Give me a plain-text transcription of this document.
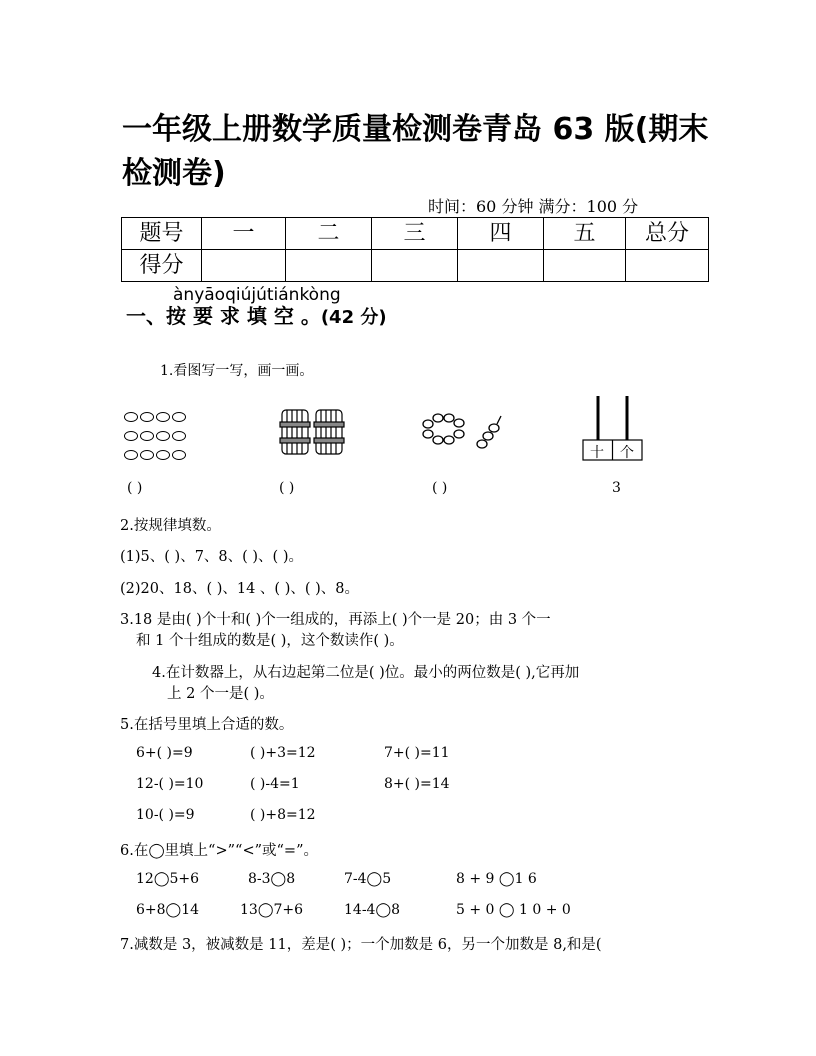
一年级上册数学质量检测卷青岛 63 版(期末检测卷)
时间：60 分钟 满分：100 分
题号	一	二	三	四	五	总分
得分						
ànyāoqiújútiánkòng
一、按 要 求 填 空 。(42 分)
1.看图写一写，画一画。

十 个
( )	( )	( )	3
2.按规律填数。
(1)5、( )、7、8、( )、( )。
(2)20、18、( )、14 、( )、( )、8。
3.18 是由( )个十和( )个一组成的，再添上( )个一是 20；由 3 个一
和 1 个十组成的数是( )，这个数读作( )。
4.在计数器上，从右边起第二位是( )位。最小的两位数是( ),它再加
上 2 个一是( )。
5.在括号里填上合适的数。
6+( )=9	( )+3=12	7+( )=11
12-( )=10	( )-4=1	8+( )=14
10-( )=9	( )+8=12
6.在◯里填上“>”“<”或“=”。
12◯5+6	8-3◯8	7-4◯5	8 + 9 ◯1 6
6+8◯14	13◯7+6	14-4◯8	5 + 0 ◯ 1 0 + 0
7.减数是 3，被减数是 11，差是( )；一个加数是 6，另一个加数是 8,和是(
